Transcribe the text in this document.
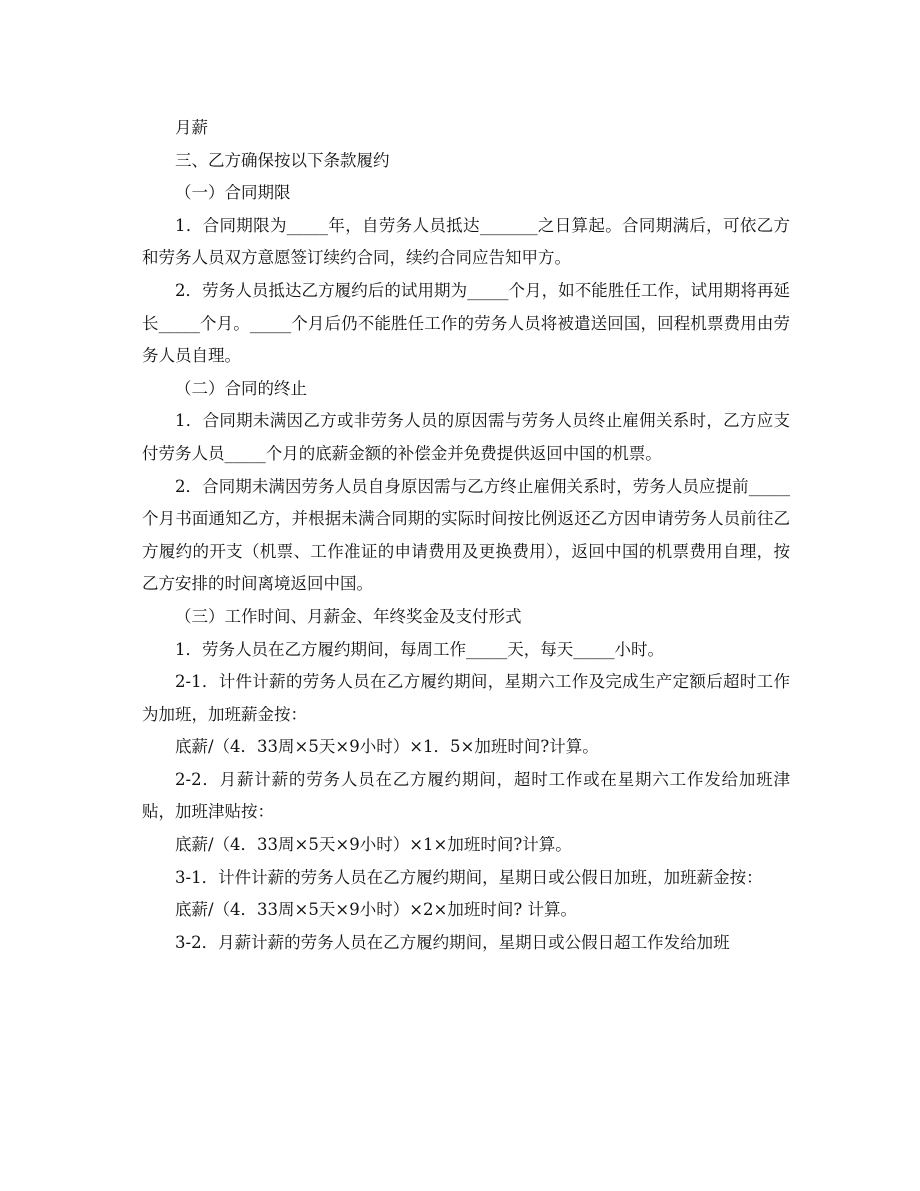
月薪

三、乙方确保按以下条款履约

（一）合同期限

1．合同期限为_____年，自劳务人员抵达_______之日算起。合同期满后，可依乙方和劳务人员双方意愿签订续约合同，续约合同应告知甲方。

2．劳务人员抵达乙方履约后的试用期为_____个月，如不能胜任工作，试用期将再延长_____个月。_____个月后仍不能胜任工作的劳务人员将被遣送回国，回程机票费用由劳务人员自理。

（二）合同的终止

1．合同期未满因乙方或非劳务人员的原因需与劳务人员终止雇佣关系时，乙方应支付劳务人员_____个月的底薪金额的补偿金并免费提供返回中国的机票。

2．合同期未满因劳务人员自身原因需与乙方终止雇佣关系时，劳务人员应提前_____个月书面通知乙方，并根据未满合同期的实际时间按比例返还乙方因申请劳务人员前往乙方履约的开支（机票、工作准证的申请费用及更换费用），返回中国的机票费用自理，按乙方安排的时间离境返回中国。

（三）工作时间、月薪金、年终奖金及支付形式

1．劳务人员在乙方履约期间，每周工作_____天，每天_____小时。

2-1．计件计薪的劳务人员在乙方履约期间，星期六工作及完成生产定额后超时工作为加班，加班薪金按：

底薪/（4．33周×5天×9小时）×1．5×加班时间?计算。

2-2．月薪计薪的劳务人员在乙方履约期间，超时工作或在星期六工作发给加班津贴，加班津贴按：

底薪/（4．33周×5天×9小时）×1×加班时间?计算。

3-1．计件计薪的劳务人员在乙方履约期间，星期日或公假日加班，加班薪金按：

底薪/（4．33周×5天×9小时）×2×加班时间? 计算。

3-2．月薪计薪的劳务人员在乙方履约期间，星期日或公假日超工作发给加班
